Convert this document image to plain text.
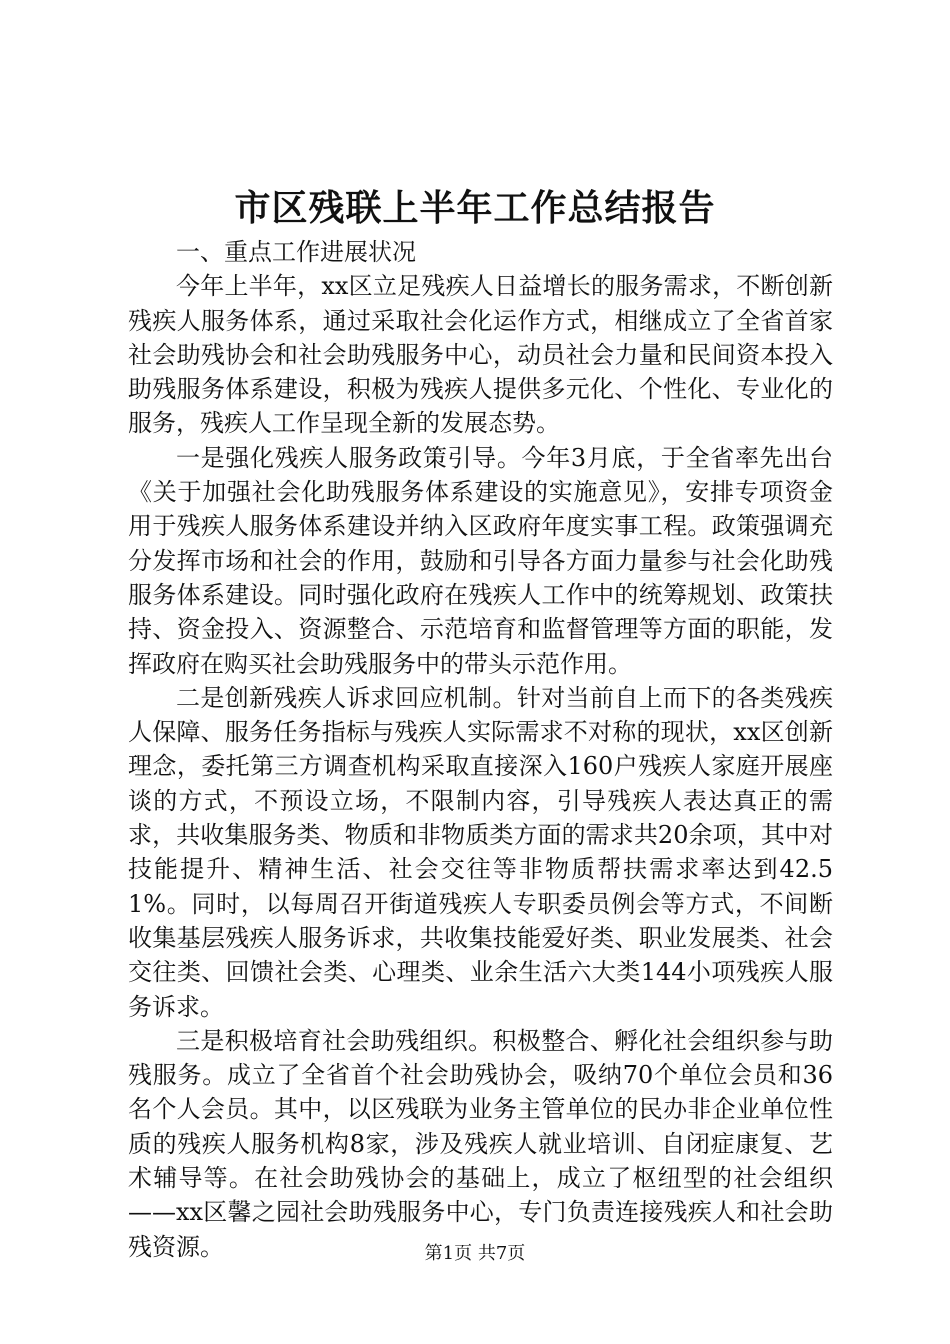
市区残联上半年工作总结报告

一、重点工作进展状况

今年上半年，xx区立足残疾人日益增长的服务需求，不断创新残疾人服务体系，通过采取社会化运作方式，相继成立了全省首家社会助残协会和社会助残服务中心，动员社会力量和民间资本投入助残服务体系建设，积极为残疾人提供多元化、个性化、专业化的服务，残疾人工作呈现全新的发展态势。

一是强化残疾人服务政策引导。今年3月底，于全省率先出台《关于加强社会化助残服务体系建设的实施意见》，安排专项资金用于残疾人服务体系建设并纳入区政府年度实事工程。政策强调充分发挥市场和社会的作用，鼓励和引导各方面力量参与社会化助残服务体系建设。同时强化政府在残疾人工作中的统筹规划、政策扶持、资金投入、资源整合、示范培育和监督管理等方面的职能，发挥政府在购买社会助残服务中的带头示范作用。

二是创新残疾人诉求回应机制。针对当前自上而下的各类残疾人保障、服务任务指标与残疾人实际需求不对称的现状，xx区创新理念，委托第三方调查机构采取直接深入160户残疾人家庭开展座谈的方式，不预设立场，不限制内容，引导残疾人表达真正的需求，共收集服务类、物质和非物质类方面的需求共20余项，其中对技能提升、精神生活、社会交往等非物质帮扶需求率达到42.51%。同时，以每周召开街道残疾人专职委员例会等方式，不间断收集基层残疾人服务诉求，共收集技能爱好类、职业发展类、社会交往类、回馈社会类、心理类、业余生活六大类144小项残疾人服务诉求。

三是积极培育社会助残组织。积极整合、孵化社会组织参与助残服务。成立了全省首个社会助残协会，吸纳70个单位会员和36名个人会员。其中，以区残联为业务主管单位的民办非企业单位性质的残疾人服务机构8家，涉及残疾人就业培训、自闭症康复、艺术辅导等。在社会助残协会的基础上，成立了枢纽型的社会组织——xx区馨之园社会助残服务中心，专门负责连接残疾人和社会助残资源。	第1页 共7页
